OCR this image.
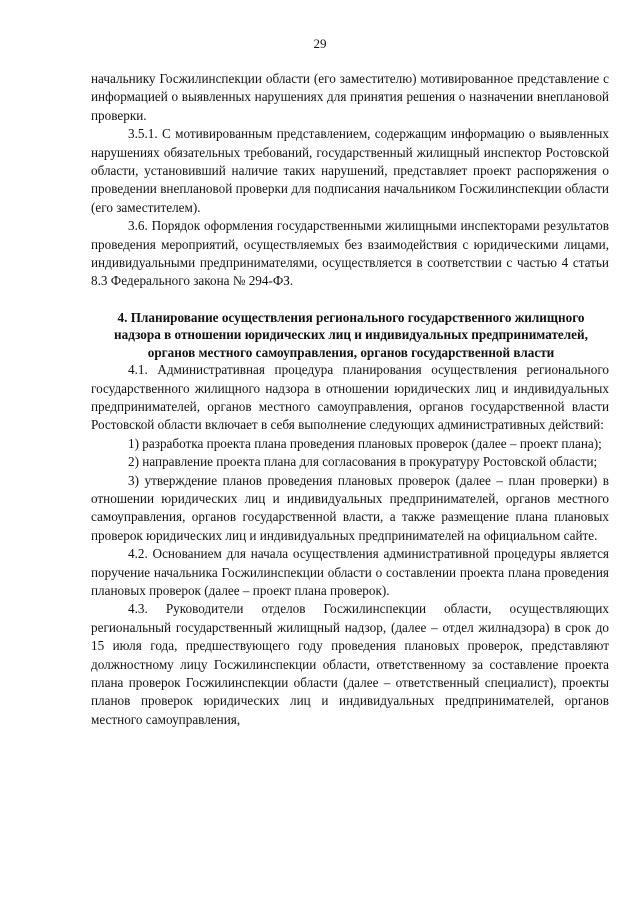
29

начальнику Госжилинспекции области (его заместителю) мотивированное представление с информацией о выявленных нарушениях для принятия решения о назначении внеплановой проверки.

3.5.1. С мотивированным представлением, содержащим информацию о выявленных нарушениях обязательных требований, государственный жилищный инспектор Ростовской области, установивший наличие таких нарушений, представляет проект распоряжения о проведении внеплановой проверки для подписания начальником Госжилинспекции области (его заместителем).

3.6. Порядок оформления государственными жилищными инспекторами результатов проведения мероприятий, осуществляемых без взаимодействия с юридическими лицами, индивидуальными предпринимателями, осуществляется в соответствии с частью 4 статьи 8.3 Федерального закона № 294-ФЗ.

4. Планирование осуществления регионального государственного жилищного надзора в отношении юридических лиц и индивидуальных предпринимателей, органов местного самоуправления, органов государственной власти

4.1. Административная процедура планирования осуществления регионального государственного жилищного надзора в отношении юридических лиц и индивидуальных предпринимателей, органов местного самоуправления, органов государственной власти Ростовской области включает в себя выполнение следующих административных действий:

1) разработка проекта плана проведения плановых проверок (далее – проект плана);

2) направление проекта плана для согласования в прокуратуру Ростовской области;

3) утверждение планов проведения плановых проверок (далее – план проверки) в отношении юридических лиц и индивидуальных предпринимателей, органов местного самоуправления, органов государственной власти, а также размещение плана плановых проверок юридических лиц и индивидуальных предпринимателей на официальном сайте.

4.2. Основанием для начала осуществления административной процедуры является поручение начальника Госжилинспекции области о составлении проекта плана проведения плановых проверок (далее – проект плана проверок).

4.3. Руководители отделов Госжилинспекции области, осуществляющих региональный государственный жилищный надзор, (далее – отдел жилнадзора) в срок до 15 июля года, предшествующего году проведения плановых проверок, представляют должностному лицу Госжилинспекции области, ответственному за составление проекта плана проверок Госжилинспекции области (далее – ответственный специалист), проекты планов проверок юридических лиц и индивидуальных предпринимателей, органов местного самоуправления,
